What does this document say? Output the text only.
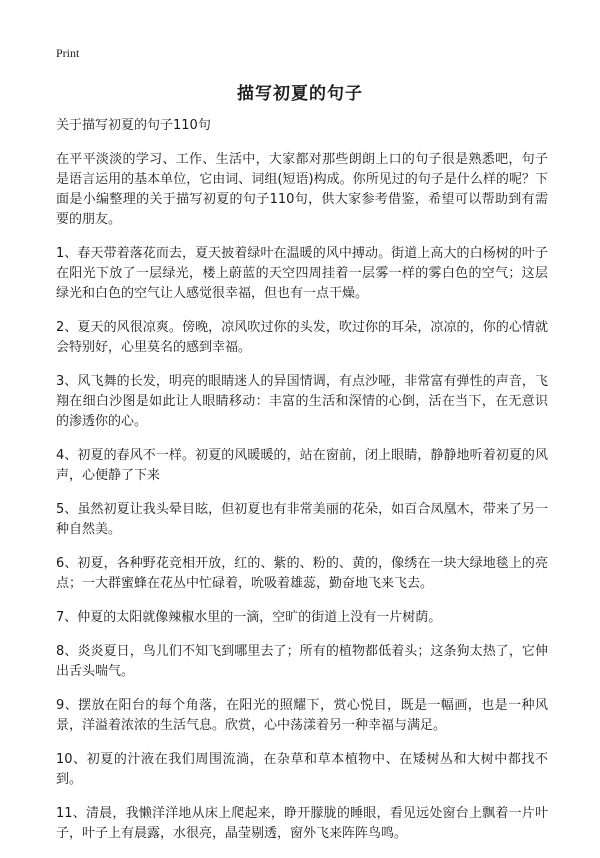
Print
描写初夏的句子

关于描写初夏的句子110句

在平平淡淡的学习、工作、生活中，大家都对那些朗朗上口的句子很是熟悉吧，句子是语言运用的基本单位，它由词、词组(短语)构成。你所见过的句子是什么样的呢？下面是小编整理的关于描写初夏的句子110句，供大家参考借鉴，希望可以帮助到有需要的朋友。

1、春天带着落花而去，夏天披着绿叶在温暖的风中搏动。街道上高大的白杨树的叶子在阳光下放了一层绿光，楼上蔚蓝的天空四周挂着一层雾一样的雾白色的空气；这层绿光和白色的空气让人感觉很幸福，但也有一点干燥。

2、夏天的风很凉爽。傍晚，凉风吹过你的头发，吹过你的耳朵，凉凉的，你的心情就会特别好，心里莫名的感到幸福。

3、风飞舞的长发，明亮的眼睛迷人的异国情调，有点沙哑，非常富有弹性的声音，飞翔在细白沙图是如此让人眼睛移动：丰富的生活和深情的心倒，活在当下，在无意识的渗透你的心。

4、初夏的春风不一样。初夏的风暖暖的，站在窗前，闭上眼睛，静静地听着初夏的风声，心便静了下来

5、虽然初夏让我头晕目眩，但初夏也有非常美丽的花朵，如百合凤凰木，带来了另一种自然美。

6、初夏，各种野花竞相开放，红的、紫的、粉的、黄的，像绣在一块大绿地毯上的亮点；一大群蜜蜂在花丛中忙碌着，吮吸着雄蕊，勤奋地飞来飞去。

7、仲夏的太阳就像辣椒水里的一滴，空旷的街道上没有一片树荫。

8、炎炎夏日，鸟儿们不知飞到哪里去了；所有的植物都低着头；这条狗太热了，它伸出舌头喘气。

9、摆放在阳台的每个角落，在阳光的照耀下，赏心悦目，既是一幅画，也是一种风景，洋溢着浓浓的生活气息。欣赏，心中荡漾着另一种幸福与满足。

10、初夏的汁液在我们周围流淌，在杂草和草本植物中、在矮树丛和大树中都找不到。

11、清晨，我懒洋洋地从床上爬起来，睁开朦胧的睡眼，看见远处窗台上飘着一片叶子，叶子上有晨露，水很亮，晶莹剔透，窗外飞来阵阵鸟鸣。
